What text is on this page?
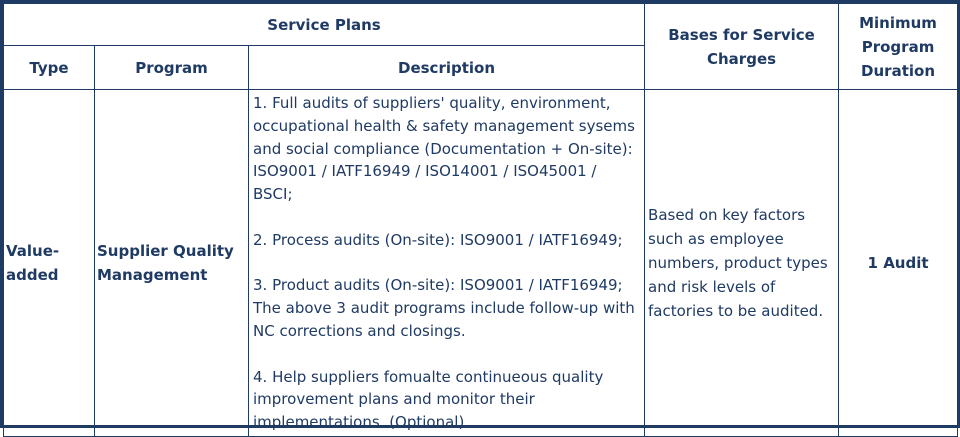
Service Plans			Bases for Service Charges	Minimum Program Duration
Type	Program	Description		
Value-added	Supplier Quality Management	1. Full audits of suppliers' quality, environment, occupational health & safety management sysems and social compliance (Documentation + On-site): ISO9001 / IATF16949 / ISO14001 / ISO45001 / BSCI;

2. Process audits (On-site): ISO9001 / IATF16949;

3. Product audits (On-site): ISO9001 / IATF16949; The above 3 audit programs include follow-up with NC corrections and closings.

4. Help suppliers fomualte continueous quality improvement plans and monitor their implementations. (Optional)	Based on key factors such as employee numbers, product types and risk levels of factories to be audited.	1 Audit
